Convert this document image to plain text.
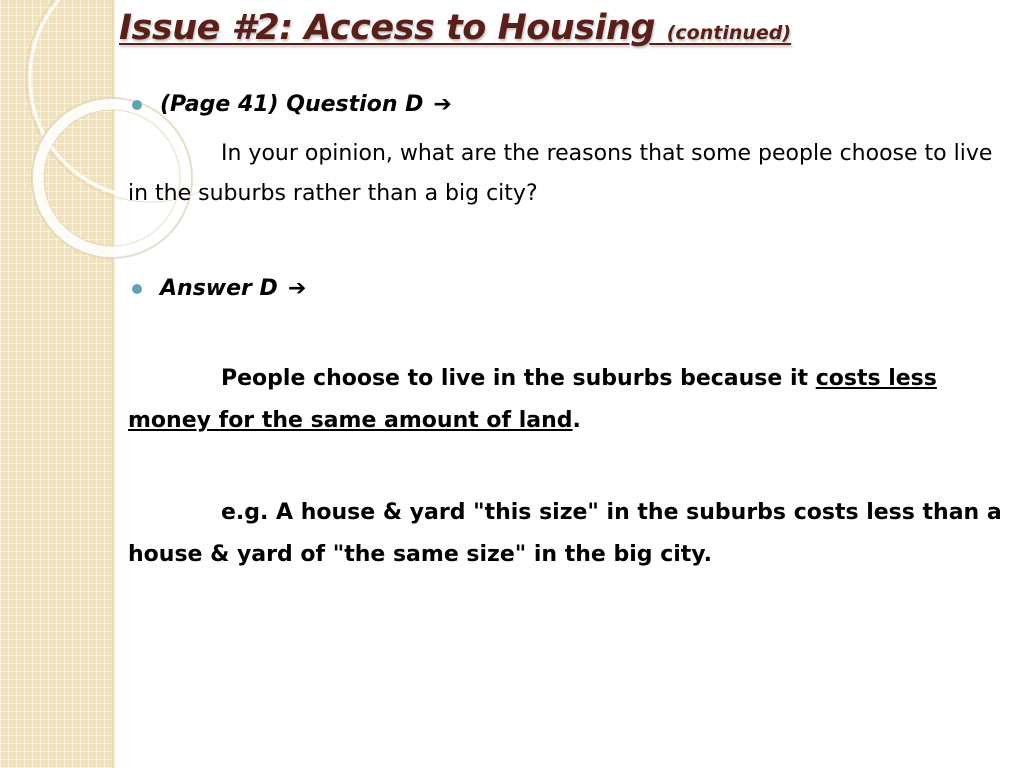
Issue #2: Access to Housing (continued)
(Page 41) Question D ➔

In your opinion, what are the reasons that some people choose to live in the suburbs rather than a big city?

Answer D ➔

People choose to live in the suburbs because it costs less money for the same amount of land.

e.g. A house & yard "this size" in the suburbs costs less than a house & yard of "the same size" in the big city.
